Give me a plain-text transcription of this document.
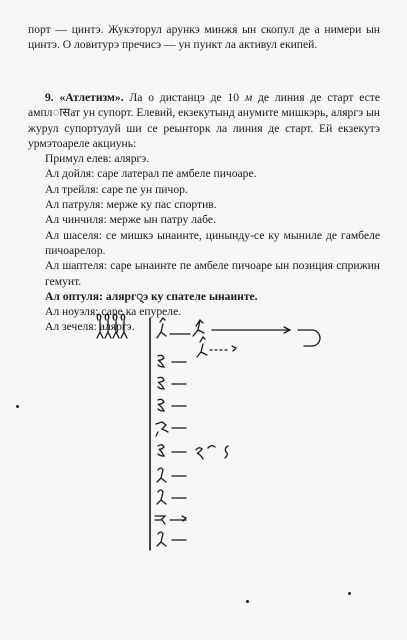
порт — цинтэ. Жукэторул арункэ минжя ын скопул де а нимери ын цинтэ. О ловитурэ пречисэ — ун пункт ла активул екипей.

9. «Атлетизм». Ла о дистанцэ де 10 м де линия де старт есте амплासат ун супорт. Елевий, екзекутынд анумите мишкэрь, аляргэ ын журул супортулуй ши се реынторк ла линия де старт. Ей екзекутэ урмэтоареле акциунь:

Примул елев: аляргэ.

Ал дойля: саре латерал пе амбеле пичоаре.

Ал трейля: саре пе ун пичор.

Ал патруля: мерже ку пас спортив.

Ал чинчиля: мерже ын патру лабе.

Ал шаселя: се мишкэ ынаинте, цинынду-се ку мыниле де гамбеле пичоарелор.

Ал шаптеля: саре ынаинте пе амбеле пичоаре ын позиция сприжин гемуит.

Ал оптуля: алярг्э ку спателе ынаинте.

Ал ноуэля: саре ка епуреле.

Ал зечеля: аляргэ.
